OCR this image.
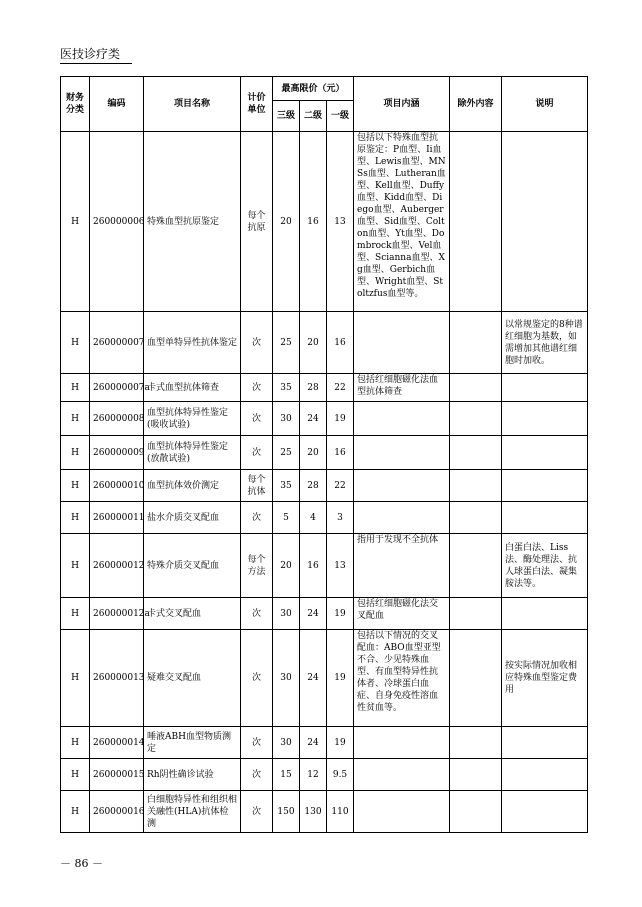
医技诊疗类
财务分类	编码	项目名称	计价单位	最高限价（元）			项目内涵	除外内容	说明
				三级	二级	一级			
H	260000006	特殊血型抗原鉴定	每个抗原	20	16	13	包括以下特殊血型抗原鉴定：P血型、Ii血型、Lewis血型、MNSs血型、Lutheran血型、Kell血型、Duffy血型、Kidd血型、Diego血型、Auberger血型、Sid血型、Colton血型、Yt血型、Dombrock血型、Vel血型、Scianna血型、Xg血型、Gerbich血型、Wright血型、Stoltzfus血型等。		
H	260000007	血型单特异性抗体鉴定	次	25	20	16			以常规鉴定的8种谱红细胞为基数，如需增加其他谱红细胞时加收。
H	260000007a	卡式血型抗体筛查	次	35	28	22	包括红细胞磁化法血型抗体筛查		
H	260000008	血型抗体特异性鉴定(吸收试验)	次	30	24	19			
H	260000009	血型抗体特异性鉴定(放散试验)	次	25	20	16			
H	260000010	血型抗体效价测定	每个抗体	35	28	22			
H	260000011	盐水介质交叉配血	次	5	4	3			
H	260000012	特殊介质交叉配血	每个方法	20	16	13	指用于发现不全抗体		白蛋白法、Liss法、酶处理法、抗人球蛋白法、凝集胺法等。
H	260000012a	卡式交叉配血	次	30	24	19	包括红细胞磁化法交叉配血		
H	260000013	疑难交叉配血	次	30	24	19	包括以下情况的交叉配血：ABO血型亚型不合、少见特殊血型、有血型特异性抗体者、冷球蛋白血症、自身免疫性溶血性贫血等。		按实际情况加收相应特殊血型鉴定费用
H	260000014	唾液ABH血型物质测定	次	30	24	19			
H	260000015	Rh阴性确诊试验	次	15	12	9.5			
H	260000016	白细胞特异性和组织相关融性(HLA)抗体检测	次	150	130	110			
－ 86 －
